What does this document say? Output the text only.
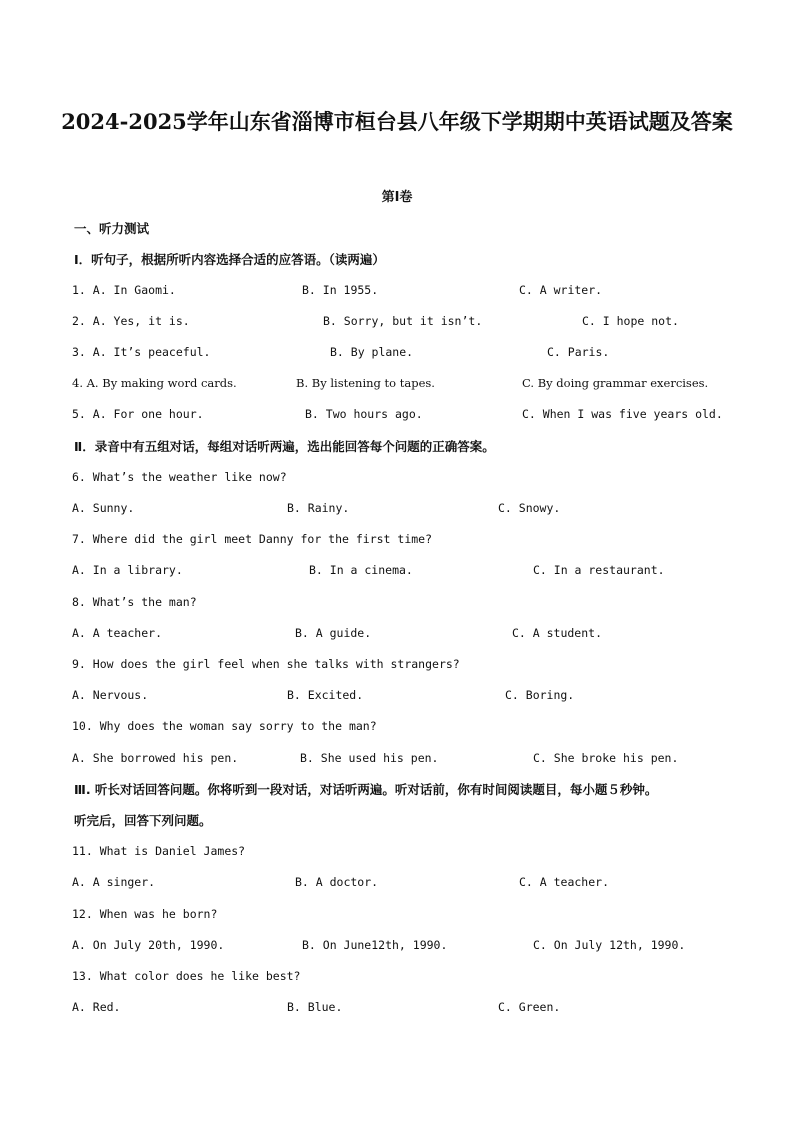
2024-2025学年山东省淄博市桓台县八年级下学期期中英语试题及答案
第I卷
一、听力测试
Ⅰ．听句子，根据所听内容选择合适的应答语。（读两遍）
1. A. In Gaomi.	B. In 1955.	C. A writer.
2. A. Yes, it is.	B. Sorry, but it isn’t.	C. I hope not.
3. A. It’s peaceful.	B. By plane.	C. Paris.
4. A. By making word cards.	B. By listening to tapes.	C. By doing grammar exercises.
5. A. For one hour.	B. Two hours ago.	C. When I was five years old.
Ⅱ．录音中有五组对话，每组对话听两遍，选出能回答每个问题的正确答案。
6. What’s the weather like now?
A. Sunny.	B. Rainy.	C. Snowy.
7. Where did the girl meet Danny for the first time?
A. In a library.	B. In a cinema.	C. In a restaurant.
8. What’s the man?
A. A teacher.	B. A guide.	C. A student.
9. How does the girl feel when she talks with strangers?
A. Nervous.	B. Excited.	C. Boring.
10. Why does the woman say sorry to the man?
A. She borrowed his pen.	B. She used his pen.	C. She broke his pen.
Ⅲ. 听长对话回答问题。你将听到一段对话，对话听两遍。听对话前，你有时间阅读题目，每小题５秒钟。
听完后，回答下列问题。
11. What is Daniel James?
A. A singer.	B. A doctor.	C. A teacher.
12. When was he born?
A. On July 20th, 1990.	B. On June12th, 1990.	C. On July 12th, 1990.
13. What color does he like best?
A. Red.	B. Blue.	C. Green.
